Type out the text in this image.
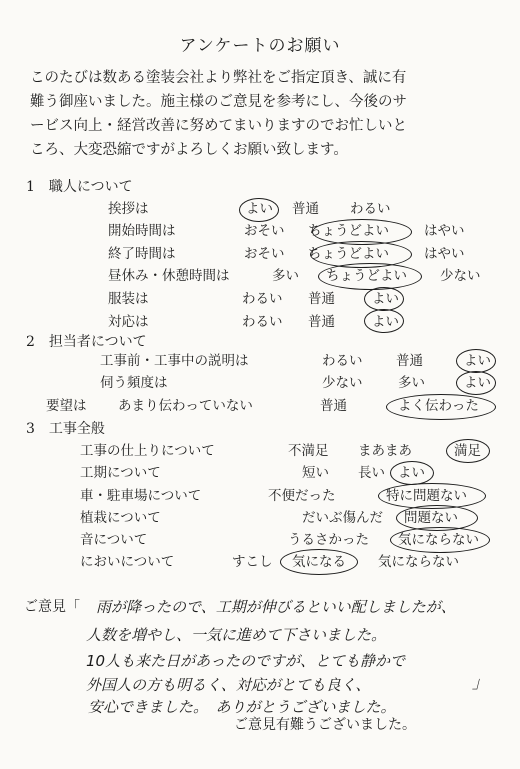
アンケートのお願い
このたびは数ある塗装会社より弊社をご指定頂き、誠に有
難う御座いました。施主様のご意見を参考にし、今後のサ
ービス向上・経営改善に努めてまいりますのでお忙しいと
ころ、大変恐縮ですがよろしくお願い致します。
1　職人について
挨拶は	よい 普通 わるい
開始時間は	おそい ちょうどよい	はやい
終了時間は	おそい ちょうどよい	はやい
昼休み・休憩時間は	多い ちょうどよい 少ない
服装は	わるい 普通	よい
対応は	わるい 普通	よい
2　担当者について
工事前・工事中の説明は	わるい 普通	よい
伺う頻度は	少ない	多い	よい
要望は あまり伝わっていない	普通	よく伝わった
3　工事全般
工事の仕上りについて	不満足 まあまあ	満足
工期について	短い 長い よい
車・駐車場について	不便だった	特に問題ない
植栽について	だいぶ傷んだ 問題ない
音について	うるさかった 気にならない
においについて	すこし 気になる 気にならない
ご意見「 雨が降ったので、工期が伸びるといい配しましたが、
人数を増やし、一気に進めて下さいました。
10人も来た日があったのですが、とても静かで
外国人の方も明るく、対応がとても良く、
安心できました。　ありがとうございました。
」
ご意見有難うございました。
